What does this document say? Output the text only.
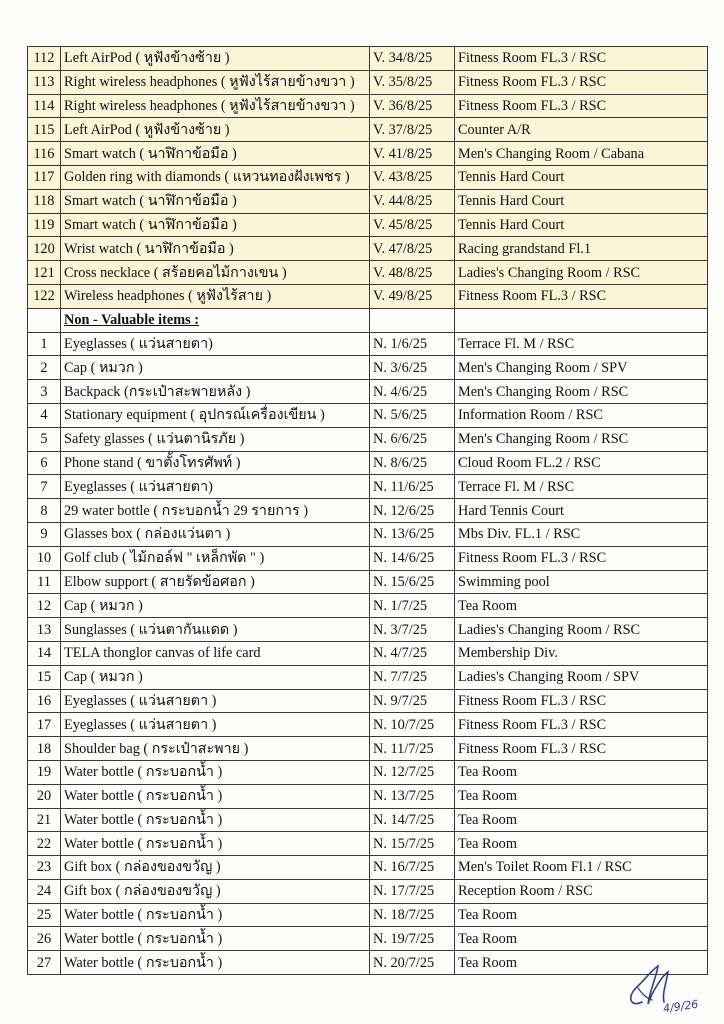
112	Left AirPod ( หูฟังข้างซ้าย )	V. 34/8/25	Fitness Room FL.3 / RSC
113	Right wireless headphones ( หูฟังไร้สายข้างขวา )	V. 35/8/25	Fitness Room FL.3 / RSC
114	Right wireless headphones ( หูฟังไร้สายข้างขวา )	V. 36/8/25	Fitness Room FL.3 / RSC
115	Left AirPod ( หูฟังข้างซ้าย )	V. 37/8/25	Counter A/R
116	Smart watch ( นาฬิกาข้อมือ )	V. 41/8/25	Men's Changing Room / Cabana
117	Golden ring with diamonds ( แหวนทองฝังเพชร )	V. 43/8/25	Tennis Hard Court
118	Smart watch ( นาฬิกาข้อมือ )	V. 44/8/25	Tennis Hard Court
119	Smart watch ( นาฬิกาข้อมือ )	V. 45/8/25	Tennis Hard Court
120	Wrist watch ( นาฬิกาข้อมือ )	V. 47/8/25	Racing grandstand Fl.1
121	Cross necklace ( สร้อยคอไม้กางเขน )	V. 48/8/25	Ladies's Changing Room / RSC
122	Wireless headphones ( หูฟังไร้สาย )	V. 49/8/25	Fitness Room FL.3 / RSC
	Non - Valuable items :		
1	Eyeglasses ( แว่นสายตา)	N. 1/6/25	Terrace Fl. M / RSC
2	Cap ( หมวก )	N. 3/6/25	Men's Changing Room / SPV
3	Backpack (กระเป๋าสะพายหลัง )	N. 4/6/25	Men's Changing Room / RSC
4	Stationary equipment ( อุปกรณ์เครื่องเขียน )	N. 5/6/25	Information Room / RSC
5	Safety glasses ( แว่นตานิรภัย )	N. 6/6/25	Men's Changing Room / RSC
6	Phone stand ( ขาตั้งโทรศัพท์ )	N. 8/6/25	Cloud Room FL.2 / RSC
7	Eyeglasses ( แว่นสายตา)	N. 11/6/25	Terrace Fl. M / RSC
8	29 water bottle ( กระบอกน้ำ 29 รายการ )	N. 12/6/25	Hard Tennis Court
9	Glasses box ( กล่องแว่นตา )	N. 13/6/25	Mbs Div. FL.1 / RSC
10	Golf club ( ไม้กอล์ฟ " เหล็กพัด " )	N. 14/6/25	Fitness Room FL.3 / RSC
11	Elbow support ( สายรัดข้อศอก )	N. 15/6/25	Swimming pool
12	Cap ( หมวก )	N. 1/7/25	Tea Room
13	Sunglasses ( แว่นตากันแดด )	N. 3/7/25	Ladies's Changing Room / RSC
14	TELA thonglor canvas of life card	N. 4/7/25	Membership Div.
15	Cap ( หมวก )	N. 7/7/25	Ladies's Changing Room / SPV
16	Eyeglasses ( แว่นสายตา )	N. 9/7/25	Fitness Room FL.3 / RSC
17	Eyeglasses ( แว่นสายตา )	N. 10/7/25	Fitness Room FL.3 / RSC
18	Shoulder bag ( กระเป๋าสะพาย )	N. 11/7/25	Fitness Room FL.3 / RSC
19	Water bottle ( กระบอกน้ำ )	N. 12/7/25	Tea Room
20	Water bottle ( กระบอกน้ำ )	N. 13/7/25	Tea Room
21	Water bottle ( กระบอกน้ำ )	N. 14/7/25	Tea Room
22	Water bottle ( กระบอกน้ำ )	N. 15/7/25	Tea Room
23	Gift box ( กล่องของขวัญ )	N. 16/7/25	Men's Toilet Room Fl.1 / RSC
24	Gift box ( กล่องของขวัญ )	N. 17/7/25	Reception Room / RSC
25	Water bottle ( กระบอกน้ำ )	N. 18/7/25	Tea Room
26	Water bottle ( กระบอกน้ำ )	N. 19/7/25	Tea Room
27	Water bottle ( กระบอกน้ำ )	N. 20/7/25	Tea Room
4/9/26
